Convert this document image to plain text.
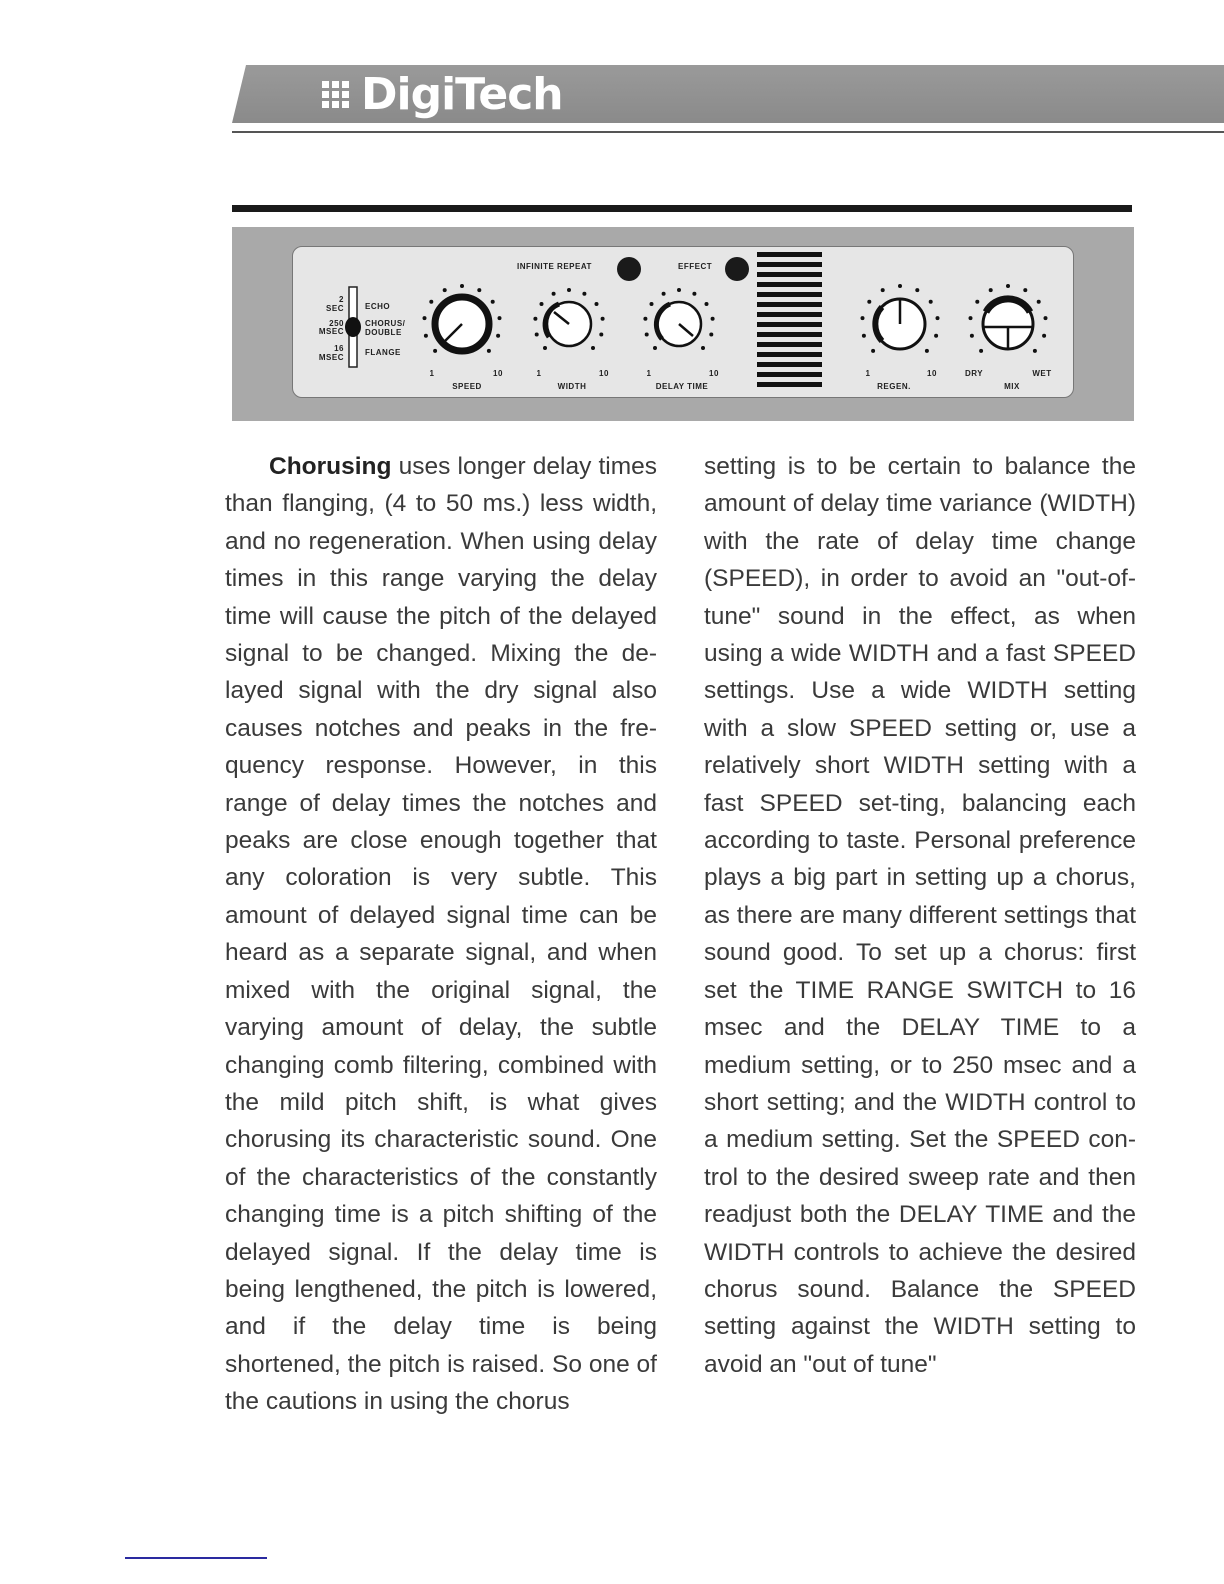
DigiTech
INFINITE REPEAT	EFFECT
2
SEC	ECHO
250
MSEC
CHORUS/
DOUBLE
16
MSEC
FLANGE
1	10
SPEED
1	10
WIDTH
1	10
DELAY TIME
1	10
REGEN.
DRY	WET
MIX

Chorusing uses longer delay times than flanging, (4 to 50 ms.) less width, and no regeneration. When using delay times in this range varying the delay time will cause the pitch of the delayed signal to be changed. Mixing the de-layed signal with the dry signal also causes notches and peaks in the fre-quency response. However, in this range of delay times the notches and peaks are close enough together that any coloration is very subtle. This amount of delayed signal time can be heard as a separate signal, and when mixed with the original signal, the varying amount of delay, the subtle changing comb filtering, combined with the mild pitch shift, is what gives chorusing its characteristic sound. One of the characteristics of the constantly changing time is a pitch shifting of the delayed signal. If the delay time is being lengthened, the pitch is lowered, and if the delay time is being shortened, the pitch is raised. So one of the cautions in using the chorus

setting is to be certain to balance the amount of delay time variance (WIDTH) with the rate of delay time change (SPEED), in order to avoid an "out-of-tune" sound in the effect, as when using a wide WIDTH and a fast SPEED settings. Use a wide WIDTH setting with a slow SPEED setting or, use a relatively short WIDTH setting with a fast SPEED set-ting, balancing each according to taste. Personal preference plays a big part in setting up a chorus, as there are many different settings that sound good. To set up a chorus: first set the TIME RANGE SWITCH to 16 msec and the DELAY TIME to a medium setting, or to 250 msec and a short setting; and the WIDTH control to a medium setting. Set the SPEED con-trol to the desired sweep rate and then readjust both the DELAY TIME and the WIDTH controls to achieve the desired chorus sound. Balance the SPEED setting against the WIDTH setting to avoid an "out of tune"
